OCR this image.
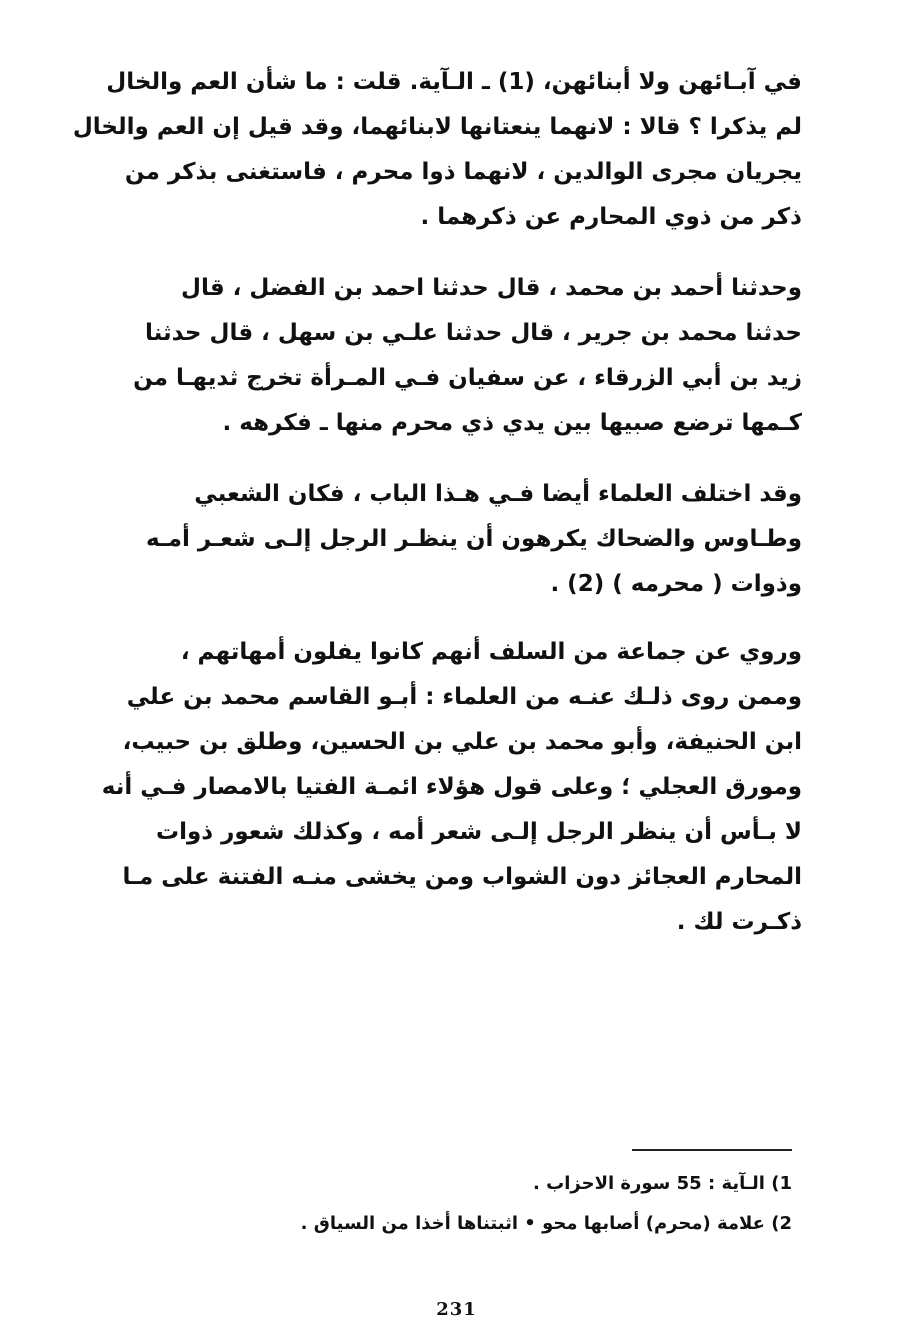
في آبـائهن ولا أبنائهن، (1) ـ الـآية. قلت : ما شأن العم والخال
لم يذكرا ؟ قالا : لانهما ينعتانها لابنائهما، وقد قيل إن العم والخال
يجريان مجرى الوالدين ، لانهما ذوا محرم ، فاستغنى بذكر من
ذكر من ذوي المحارم عن ذكرهما .
وحدثنا أحمد بن محمد ، قال حدثنا احمد بن الفضل ، قال
حدثنا محمد بن جرير ، قال حدثنا علـي بن سهل ، قال حدثنا
زيد بن أبي الزرقاء ، عن سفيان فـي المـرأة تخرج ثديهـا من
كـمها ترضع صبيها بين يدي ذي محرم منها ـ فكرهه .
وقد اختلف العلماء أيضا فـي هـذا الباب ، فكان الشعبي
وطـاوس والضحاك يكرهون أن ينظـر الرجل إلـى شعـر أمـه
وذوات ( محرمه ) (2) .
وروي عن جماعة من السلف أنهم كانوا يفلون أمهاتهم ،
وممن روى ذلـك عنـه من العلماء : أبـو القاسم محمد بن علي
ابن الحنيفة، وأبو محمد بن علي بن الحسين، وطلق بن حبيب،
ومورق العجلي ؛ وعلى قول هؤلاء ائمـة الفتيا بالامصار فـي أنه
لا بـأس أن ينظر الرجل إلـى شعر أمه ، وكذلك شعور ذوات
المحارم العجائز دون الشواب ومن يخشى منـه الفتنة على مـا
ذكـرت لك .
1) الـآية : 55 سورة الاحزاب .
2) علامة (محرم) أصابها محو • اثبتناها أخذا من السياق .
231
